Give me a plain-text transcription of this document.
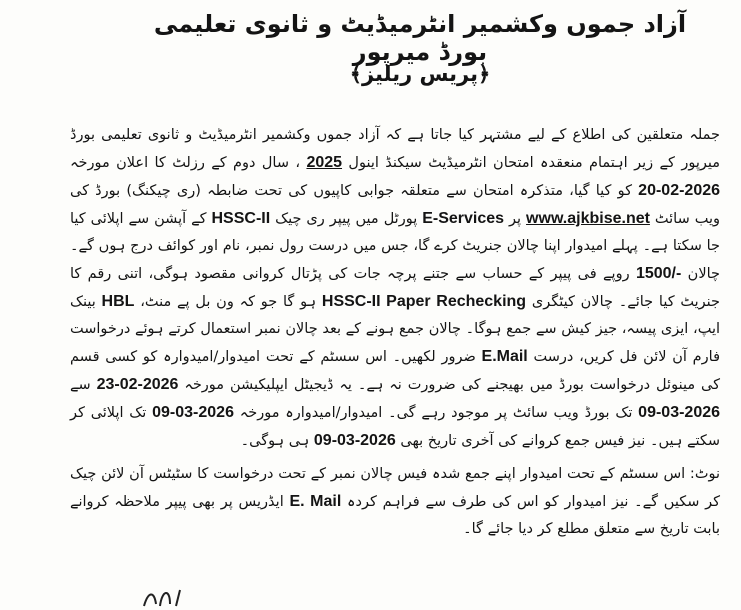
آزاد جموں وکشمیر انٹرمیڈیٹ و ثانوی تعلیمی بورڈ میرپور
﴿پریس ریلیز﴾

جملہ متعلقین کی اطلاع کے لیے مشتہر کیا جاتا ہے کہ آزاد جموں وکشمیر انٹرمیڈیٹ و ثانوی تعلیمی بورڈ میرپور کے زیر اہتمام منعقدہ امتحان انٹرمیڈیٹ سیکنڈ اینول 2025 ، سال دوم کے رزلٹ کا اعلان مورخہ 20-02-2026 کو کیا گیا، متذکرہ امتحان سے متعلقہ جوابی کاپیوں کی تحت ضابطہ (ری چیکنگ) بورڈ کی ویب سائٹ www.ajkbise.net پر E-Services پورٹل میں پیپر ری چیک HSSC-II کے آپشن سے اپلائی کیا جا سکتا ہے۔ پہلے امیدوار اپنا چالان جنریٹ کرے گا، جس میں درست رول نمبر، نام اور کوائف درج ہوں گے۔ چالان 1500/- روپے فی پیپر کے حساب سے جتنے پرچہ جات کی پڑتال کروانی مقصود ہوگی، اتنی رقم کا جنریٹ کیا جائے۔ چالان کیٹگری HSSC-II Paper Rechecking ہو گا جو کہ ون بل پے منٹ، HBL بینک ایپ، ایزی پیسہ، جیز کیش سے جمع ہوگا۔ چالان جمع ہونے کے بعد چالان نمبر استعمال کرتے ہوئے درخواست فارم آن لائن فل کریں، درست E.Mail ضرور لکھیں۔ اس سسٹم کے تحت امیدوار/امیدوارہ کو کسی قسم کی مینوئل درخواست بورڈ میں بھیجنے کی ضرورت نہ ہے۔ یہ ڈیجیٹل ایپلیکیشن مورخہ 23-02-2026 سے 09-03-2026 تک بورڈ ویب سائٹ پر موجود رہے گی۔ امیدوار/امیدوارہ مورخہ 09-03-2026 تک اپلائی کر سکتے ہیں۔ نیز فیس جمع کروانے کی آخری تاریخ بھی 09-03-2026 ہی ہوگی۔

نوٹ: اس سسٹم کے تحت امیدوار اپنے جمع شدہ فیس چالان نمبر کے تحت درخواست کا سٹیٹس آن لائن چیک کر سکیں گے۔ نیز امیدوار کو اس کی طرف سے فراہم کردہ E. Mail ایڈریس پر بھی پیپر ملاحظہ کروانے بابت تاریخ سے متعلق مطلع کر دیا جائے گا۔
